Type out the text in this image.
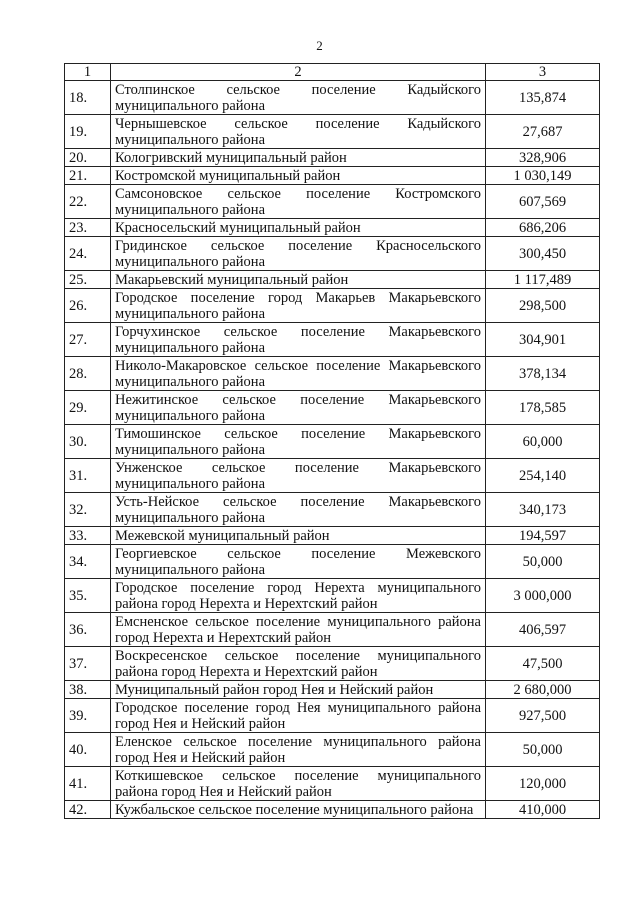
2
1	2	3
18.	Столпинское сельское поселение Кадыйского муниципального района	135,874
19.	Чернышевское сельское поселение Кадыйского муниципального района	27,687
20.	Кологривский муниципальный район	328,906
21.	Костромской муниципальный район	1 030,149
22.	Самсоновское сельское поселение Костромского муниципального района	607,569
23.	Красносельский муниципальный район	686,206
24.	Гридинское сельское поселение Красносельского муниципального района	300,450
25.	Макарьевский муниципальный район	1 117,489
26.	Городское поселение город Макарьев Макарьевского муниципального района	298,500
27.	Горчухинское сельское поселение Макарьевского муниципального района	304,901
28.	Николо-Макаровское сельское поселение Макарьевского муниципального района	378,134
29.	Нежитинское сельское поселение Макарьевского муниципального района	178,585
30.	Тимошинское сельское поселение Макарьевского муниципального района	60,000
31.	Унженское сельское поселение Макарьевского муниципального района	254,140
32.	Усть-Нейское сельское поселение Макарьевского муниципального района	340,173
33.	Межевской муниципальный район	194,597
34.	Георгиевское сельское поселение Межевского муниципального района	50,000
35.	Городское поселение город Нерехта муниципального района город Нерехта и Нерехтский район	3 000,000
36.	Емсненское сельское поселение муниципального района город Нерехта и Нерехтский район	406,597
37.	Воскресенское сельское поселение муниципального района город Нерехта и Нерехтский район	47,500
38.	Муниципальный район город Нея и Нейский район	2 680,000
39.	Городское поселение город Нея муниципального района город Нея и Нейский район	927,500
40.	Еленское сельское поселение муниципального района город Нея и Нейский район	50,000
41.	Коткишевское сельское поселение муниципального района город Нея и Нейский район	120,000
42.	Кужбальское сельское поселение муниципального района	410,000
